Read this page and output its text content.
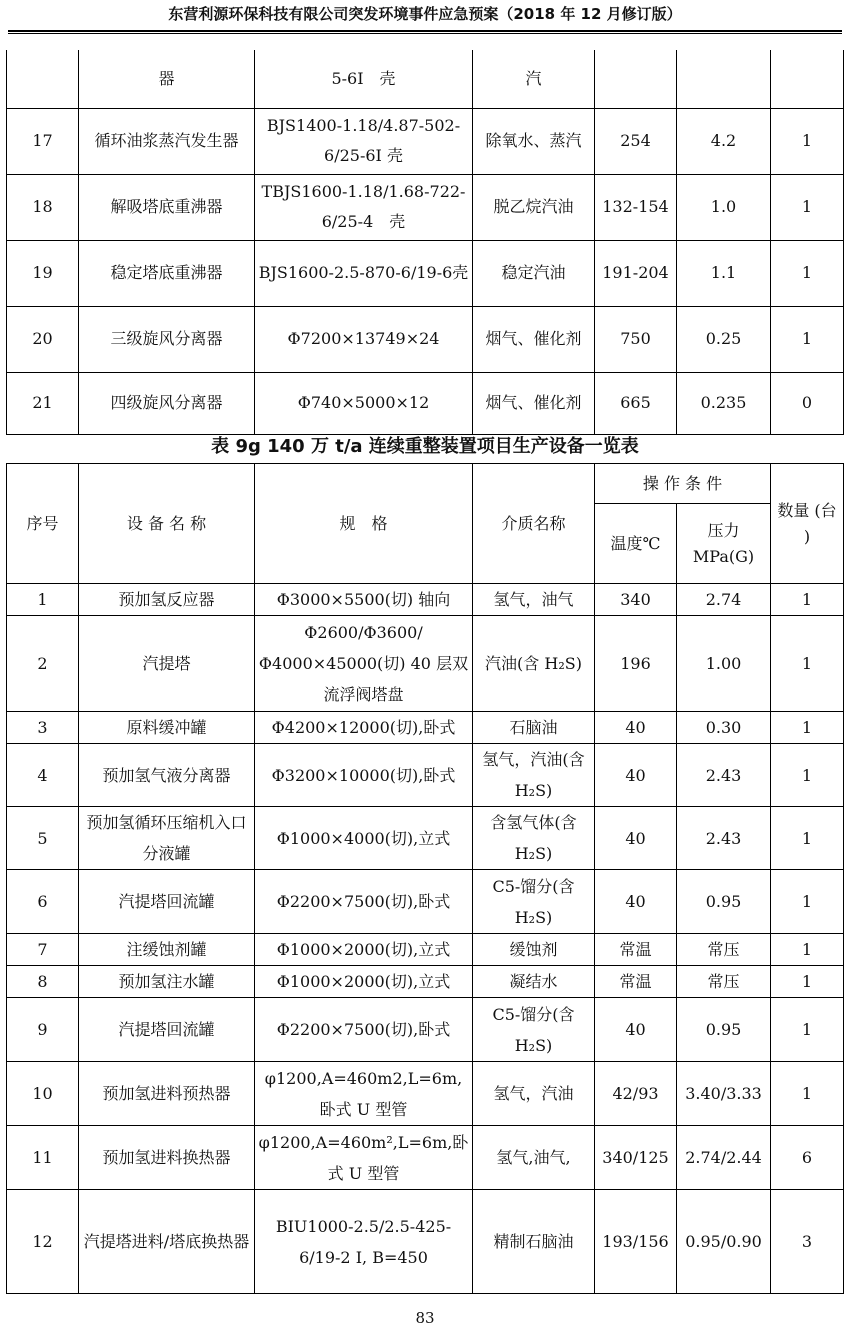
东营利源环保科技有限公司突发环境事件应急预案（2018 年 12 月修订版）
	器	5-6I　壳	汽			
17	循环油浆蒸汽发生器	BJS1400-1.18/4.87-502-6/25-6I 壳	除氧水、蒸汽	254	4.2	1
18	解吸塔底重沸器	TBJS1600-1.18/1.68-722-6/25-4　壳	脱乙烷汽油	132-154	1.0	1
19	稳定塔底重沸器	BJS1600-2.5-870-6/19-6壳	稳定汽油	191-204	1.1	1
20	三级旋风分离器	Φ7200×13749×24	烟气、催化剂	750	0.25	1
21	四级旋风分离器	Φ740×5000×12	烟气、催化剂	665	0.235	0
表 9g 140 万 t/a 连续重整装置项目生产设备一览表
序号	设 备 名 称	规　格	介质名称	操 作 条 件		数量 (台 )
				温度℃	压力 MPa(G)	
1	预加氢反应器	Φ3000×5500(切) 轴向	氢气，油气	340	2.74	1
2	汽提塔	Φ2600/Φ3600/Φ4000×45000(切) 40 层双流浮阀塔盘	汽油(含 H₂S)	196	1.00	1
3	原料缓冲罐	Φ4200×12000(切),卧式	石脑油	40	0.30	1
4	预加氢气液分离器	Φ3200×10000(切),卧式	氢气，汽油(含 H₂S)	40	2.43	1
5	预加氢循环压缩机入口分液罐	Φ1000×4000(切),立式	含氢气体(含H₂S)	40	2.43	1
6	汽提塔回流罐	Φ2200×7500(切),卧式	C5-馏分(含H₂S)	40	0.95	1
7	注缓蚀剂罐	Φ1000×2000(切),立式	缓蚀剂	常温	常压	1
8	预加氢注水罐	Φ1000×2000(切),立式	凝结水	常温	常压	1
9	汽提塔回流罐	Φ2200×7500(切),卧式	C5-馏分(含H₂S)	40	0.95	1
10	预加氢进料预热器	φ1200,A=460m2,L=6m,卧式 U 型管	氢气，汽油	42/93	3.40/3.33	1
11	预加氢进料换热器	φ1200,A=460m²,L=6m,卧式 U 型管	氢气,油气,	340/125	2.74/2.44	6
12	汽提塔进料/塔底换热器	BIU1000-2.5/2.5-425-6/19-2 I, B=450	精制石脑油	193/156	0.95/0.90	3
83
